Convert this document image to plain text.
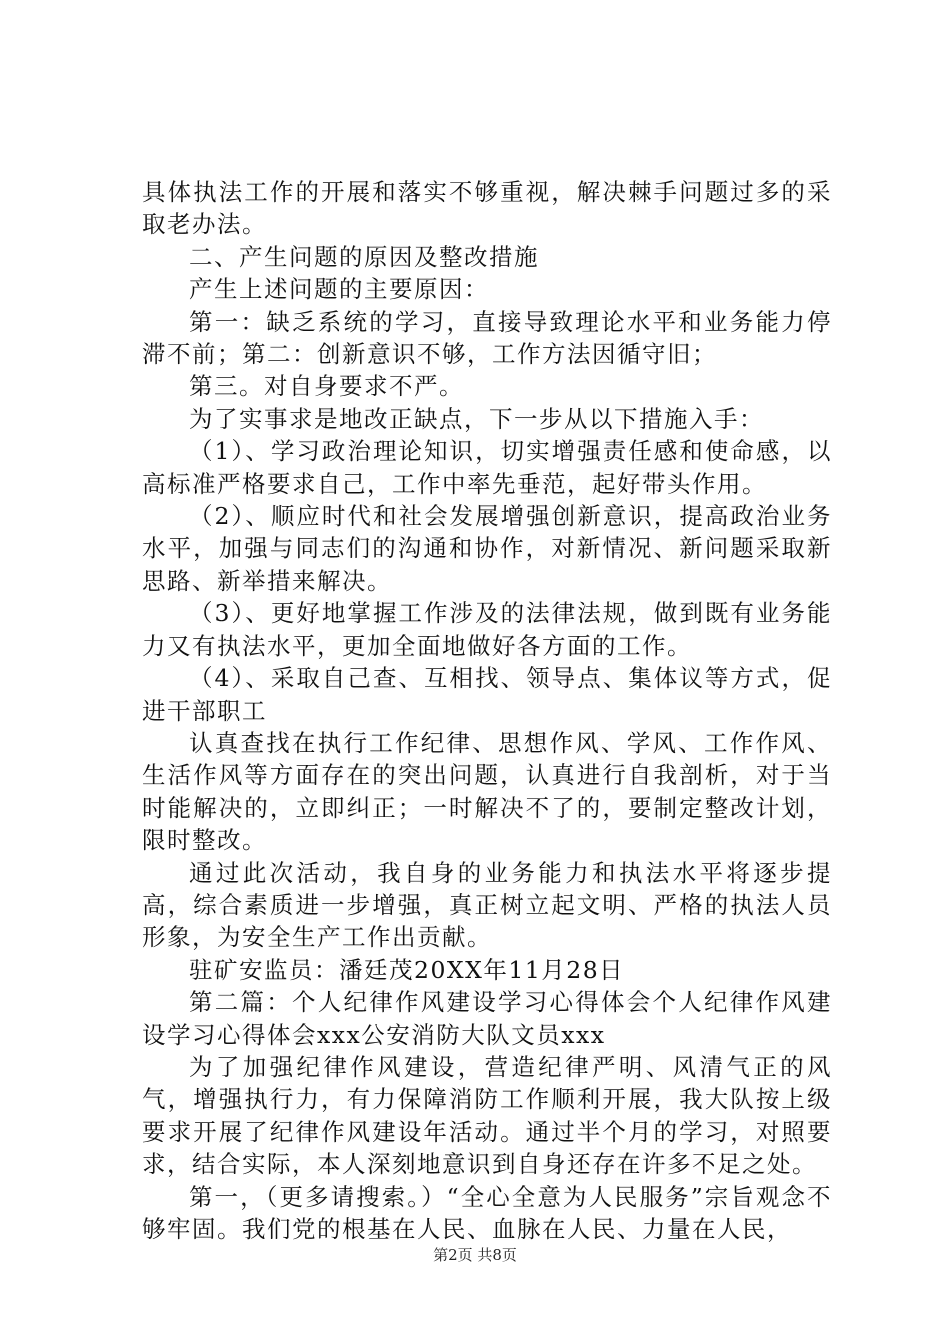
具体执法工作的开展和落实不够重视，解决棘手问题过多的采取老办法。

二、产生问题的原因及整改措施

产生上述问题的主要原因：

第一：缺乏系统的学习，直接导致理论水平和业务能力停滞不前；第二：创新意识不够，工作方法因循守旧；

第三。对自身要求不严。

为了实事求是地改正缺点，下一步从以下措施入手：

（1）、学习政治理论知识，切实增强责任感和使命感，以高标准严格要求自己，工作中率先垂范，起好带头作用。

（2）、顺应时代和社会发展增强创新意识，提高政治业务水平，加强与同志们的沟通和协作，对新情况、新问题采取新思路、新举措来解决。

（3）、更好地掌握工作涉及的法律法规，做到既有业务能力又有执法水平，更加全面地做好各方面的工作。

（4）、采取自己查、互相找、领导点、集体议等方式，促进干部职工

认真查找在执行工作纪律、思想作风、学风、工作作风、生活作风等方面存在的突出问题，认真进行自我剖析，对于当时能解决的，立即纠正；一时解决不了的，要制定整改计划，限时整改。

通过此次活动，我自身的业务能力和执法水平将逐步提高，综合素质进一步增强，真正树立起文明、严格的执法人员形象，为安全生产工作出贡献。

驻矿安监员：潘廷茂20XX年11月28日

第二篇：个人纪律作风建设学习心得体会个人纪律作风建设学习心得体会xxx公安消防大队文员xxx

为了加强纪律作风建设，营造纪律严明、风清气正的风气，增强执行力，有力保障消防工作顺利开展，我大队按上级要求开展了纪律作风建设年活动。通过半个月的学习，对照要求，结合实际，本人深刻地意识到自身还存在许多不足之处。

第一，（更多请搜索。）“全心全意为人民服务”宗旨观念不够牢固。我们党的根基在人民、血脉在人民、力量在人民，

第2页 共8页
